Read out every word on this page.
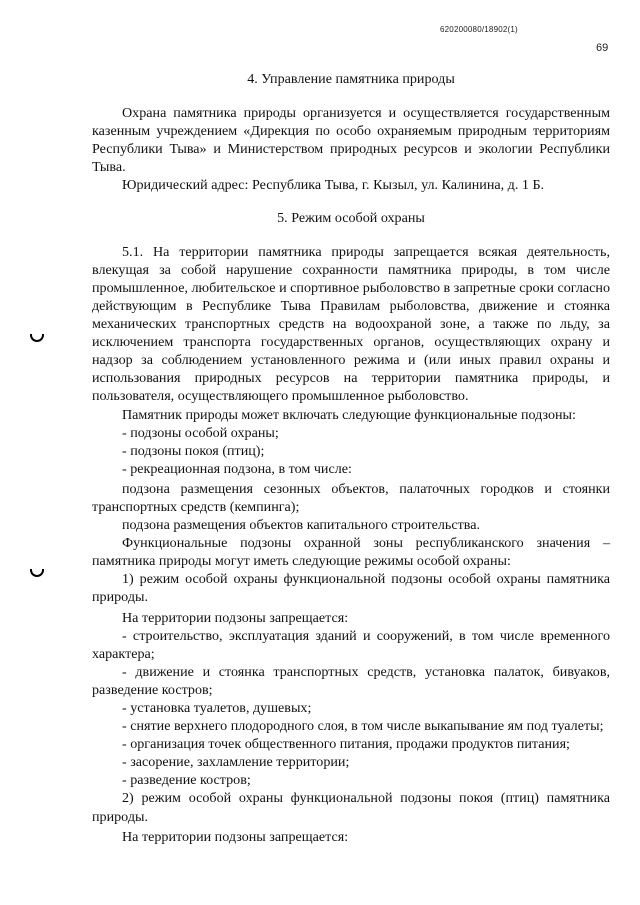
620200080/18902(1)
69

4. Управление памятника природы

Охрана памятника природы организуется и осуществляется государственным казенным учреждением «Дирекция по особо охраняемым природным территориям Республики Тыва» и Министерством природных ресурсов и экологии Республики Тыва.

Юридический адрес: Республика Тыва, г. Кызыл, ул. Калинина, д. 1 Б.

5. Режим особой охраны

5.1. На территории памятника природы запрещается всякая деятельность, влекущая за собой нарушение сохранности памятника природы, в том числе промышленное, любительское и спортивное рыболовство в запретные сроки согласно действующим в Республике Тыва Правилам рыболовства, движение и стоянка механических транспортных средств на водоохраной зоне, а также по льду, за исключением транспорта государственных органов, осуществляющих охрану и надзор за соблюдением установленного режима и (или иных правил охраны и использования природных ресурсов на территории памятника природы, и пользователя, осуществляющего промышленное рыболовство.

Памятник природы может включать следующие функциональные подзоны:

- подзоны особой охраны;

- подзоны покоя (птиц);

- рекреационная подзона, в том числе:

подзона размещения сезонных объектов, палаточных городков и стоянки транспортных средств (кемпинга);

подзона размещения объектов капитального строительства.

Функциональные подзоны охранной зоны республиканского значения – памятника природы могут иметь следующие режимы особой охраны:

1) режим особой охраны функциональной подзоны особой охраны памятника природы.

На территории подзоны запрещается:

- строительство, эксплуатация зданий и сооружений, в том числе временного характера;

- движение и стоянка транспортных средств, установка палаток, бивуаков, разведение костров;

- установка туалетов, душевых;

- снятие верхнего плодородного слоя, в том числе выкапывание ям под туалеты;

- организация точек общественного питания, продажи продуктов питания;

- засорение, захламление территории;

- разведение костров;

2) режим особой охраны функциональной подзоны покоя (птиц) памятника природы.

На территории подзоны запрещается:
